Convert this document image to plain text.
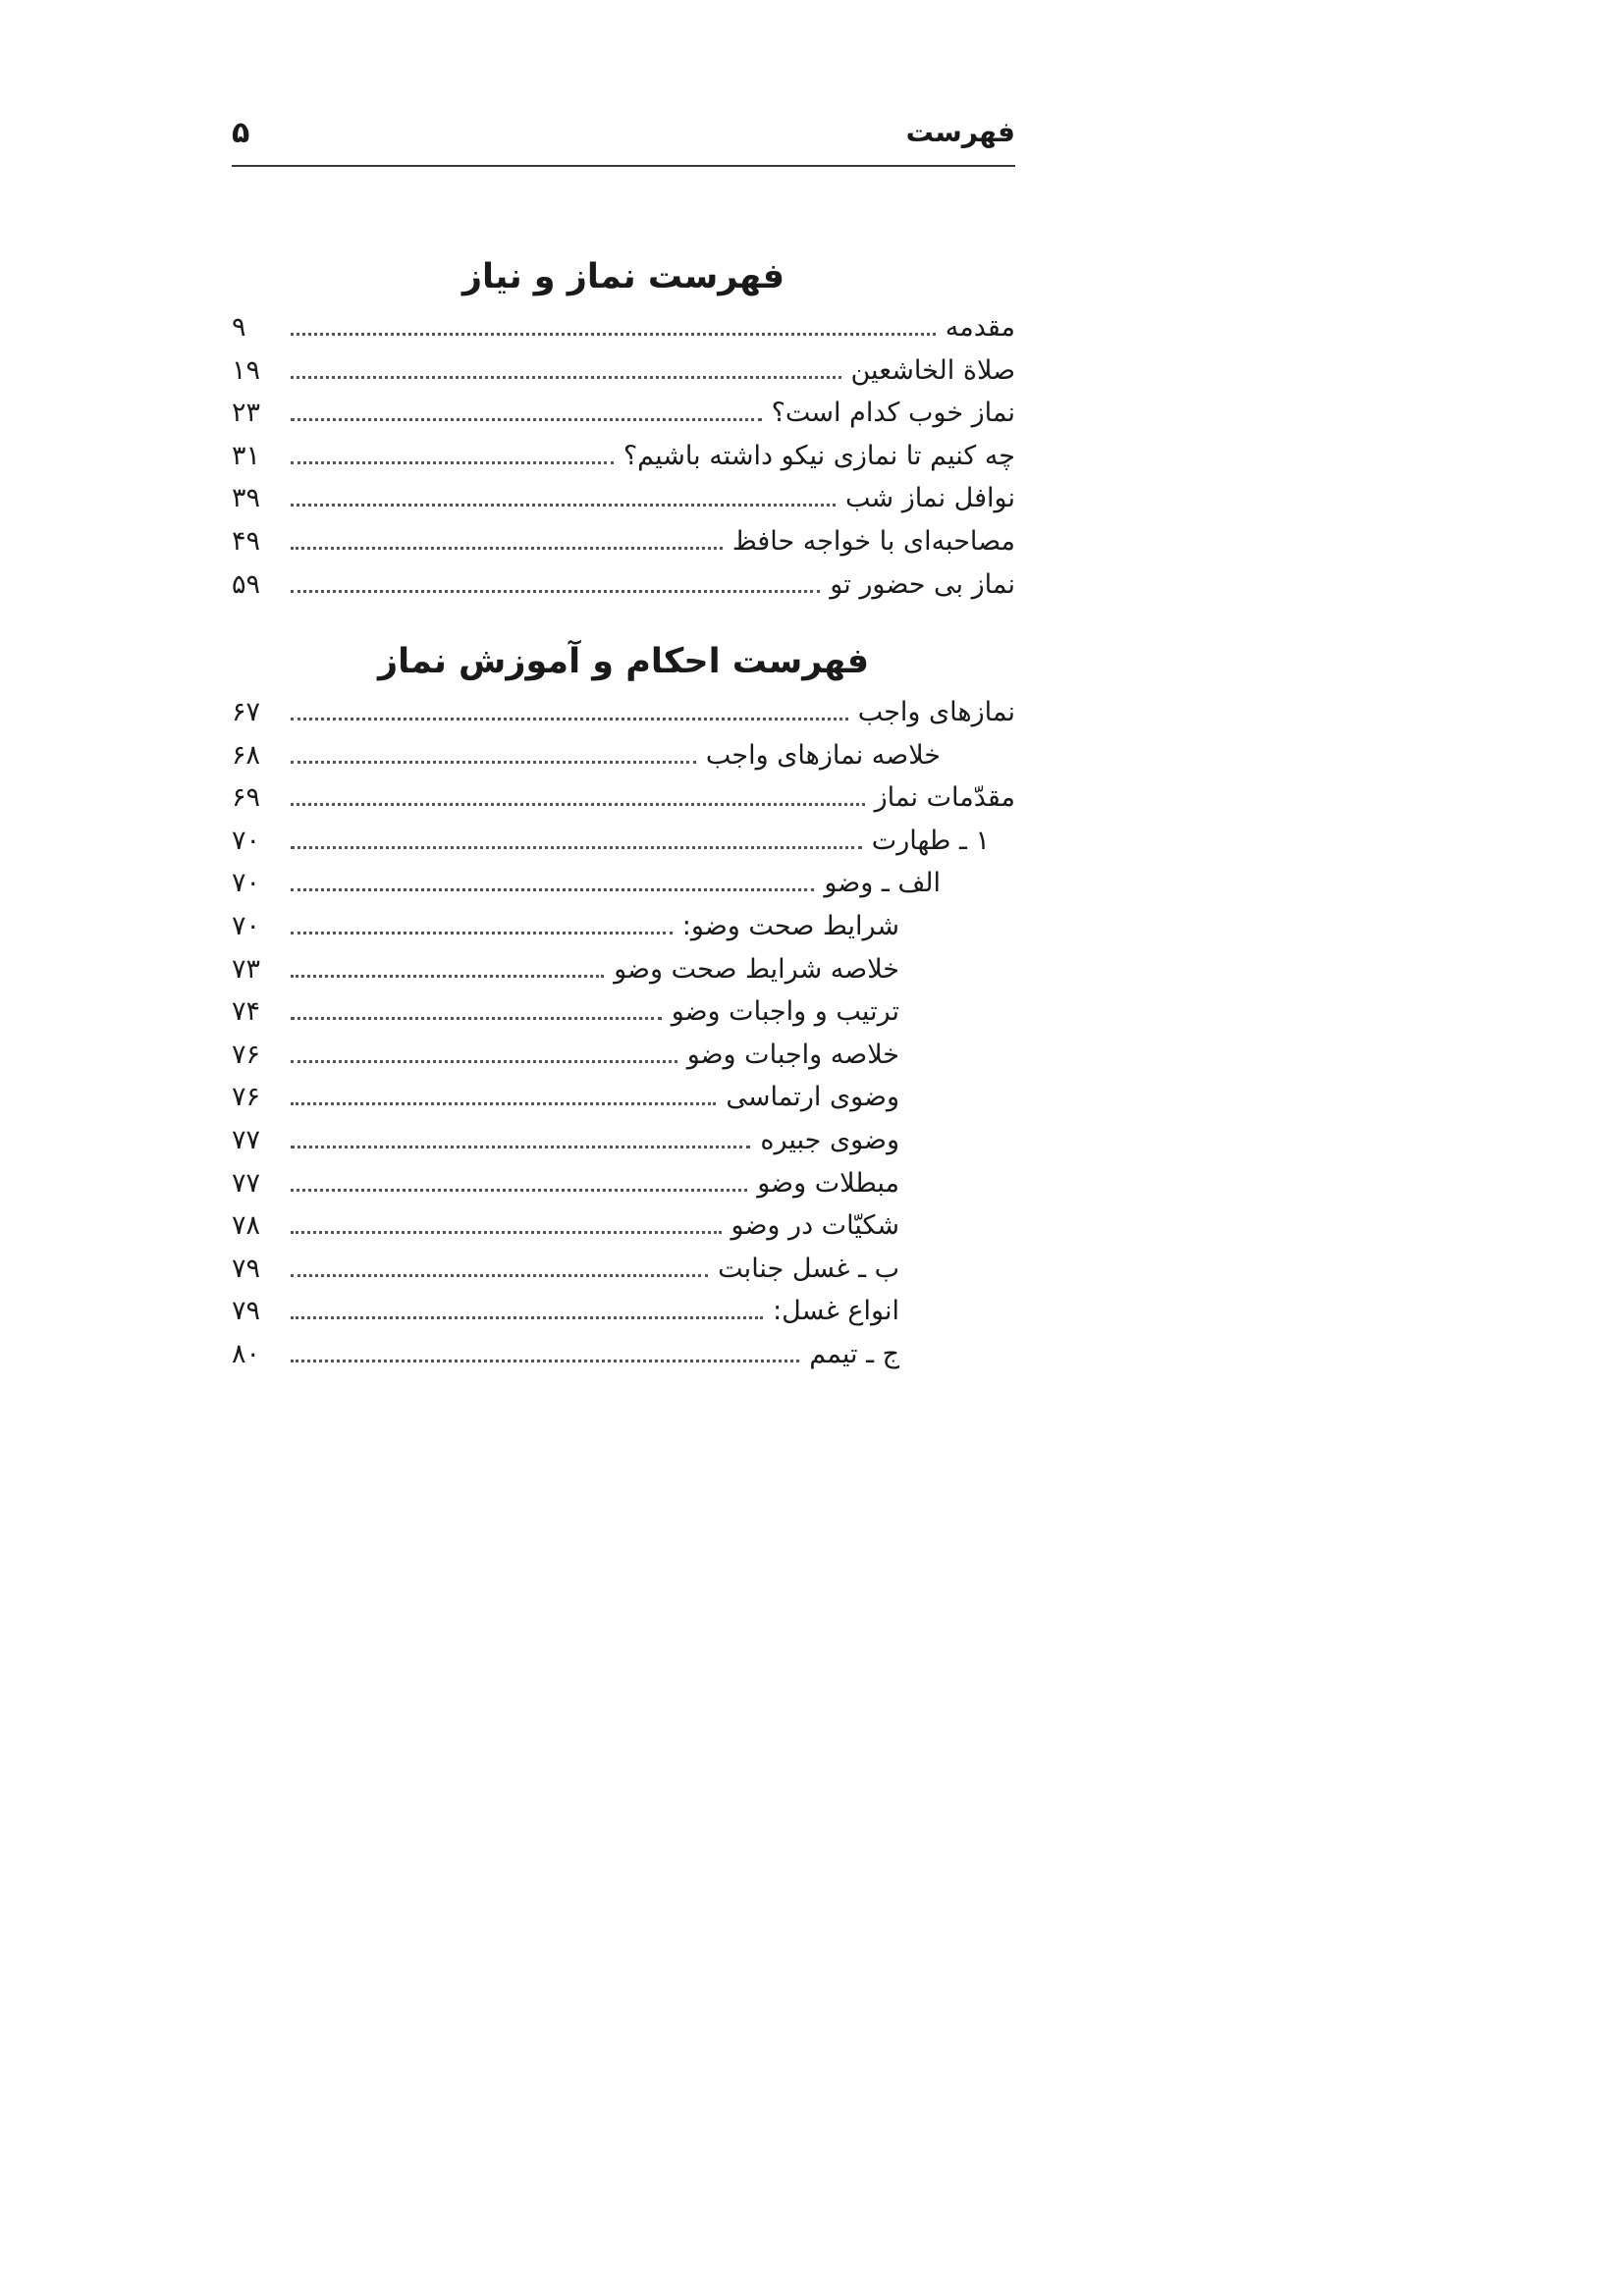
فهرست
۵
فهرست نماز و نیاز
مقدمه
۹
صلاة الخاشعین
۱۹
نماز خوب کدام است؟
۲۳
چه کنیم تا نمازی نیکو داشته باشیم؟
۳۱
نوافل نماز شب
۳۹
مصاحبه‌ای با خواجه حافظ
۴۹
نماز بی حضور تو
۵۹
فهرست احکام و آموزش نماز
نمازهای واجب
۶۷
خلاصه نمازهای واجب
۶۸
مقدّمات نماز
۶۹
۱ ـ طهارت
۷۰
الف ـ وضو
۷۰
شرایط صحت وضو:
۷۰
خلاصه شرایط صحت وضو
۷۳
ترتیب و واجبات وضو
۷۴
خلاصه واجبات وضو
۷۶
وضوی ارتماسی
۷۶
وضوی جبیره
۷۷
مبطلات وضو
۷۷
شکیّات در وضو
۷۸
ب ـ غسل جنابت
۷۹
انواع غسل:
۷۹
ج ـ تیمم
۸۰
